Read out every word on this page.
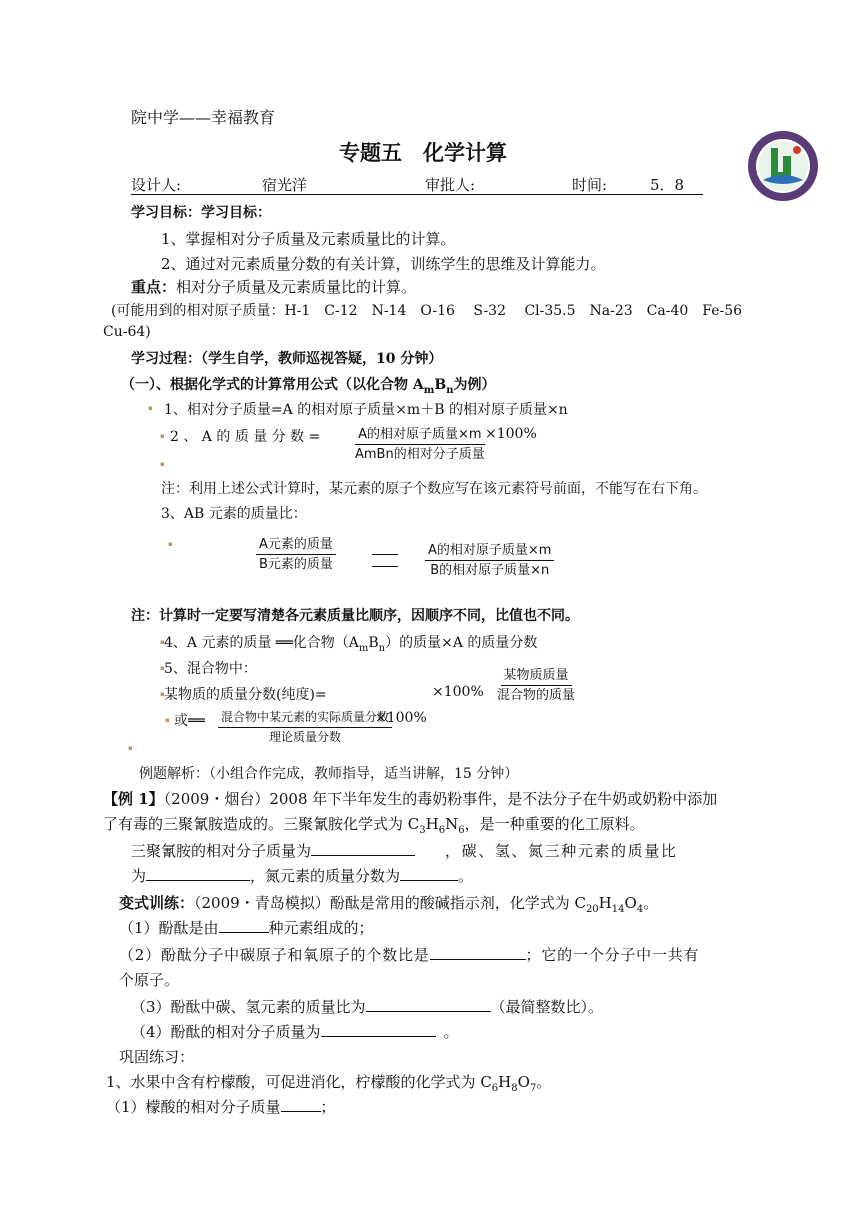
院中学——幸福教育
专题五　化学计算
设计人:	宿光洋	审批人:	时间:	5．8
学习目标：学习目标：
1、掌握相对分子质量及元素质量比的计算。
2、通过对元素质量分数的有关计算，训练学生的思维及计算能力。
重点：相对分子质量及元素质量比的计算。
(可能用到的相对原子质量：H-1　C-12　N-14　O-16　 S-32　 Cl-35.5　Na-23　Ca-40　Fe-56
Cu-64)
学习过程：（学生自学，教师巡视答疑，10 分钟）
（一）、根据化学式的计算常用公式（以化合物 $A_mB_n$为例）
▪ 1、相对分子质量=A 的相对原子质量×m＋B 的相对原子质量×n
▪ 2 、 A 的 质 量 分 数 =	A的相对原子质量×m
AmBn的相对分子质量
×100%
▪
注：利用上述公式计算时，某元素的原子个数应写在该元素符号前面，不能写在右下角。
3、AB 元素的质量比：
▪	A元素的质量
B元素的质量
A的相对原子质量×m
B的相对原子质量×n
注：计算时一定要写清楚各元素质量比顺序，因顺序不同，比值也不同。
▪ 4、A 元素的质量 ══化合物$(A_mB_n)$的质量×A 的质量分数
▪ 5、混合物中：	某物质质量
混合物的质量
▪ 某物质的质量分数(纯度)=	×100%
▪ 或══ 混合物中某元素的实际质量分数
理论质量分数
×100%
▪
例题解析：（小组合作完成，教师指导，适当讲解，15 分钟）
【例 1】（2009・烟台）2008 年下半年发生的毒奶粉事件，是不法分子在牛奶或奶粉中添加
了有毒的三聚氰胺造成的。三聚氰胺化学式为 $C_3H_6N_6$，是一种重要的化工原料。
三聚氰胺的相对分子质量为	，碳、氢、氮三种元素的质量比
为	，氮元素的质量分数为	。
变式训练：（2009・青岛模拟）酚酞是常用的酸碱指示剂，化学式为 $C_{20}H_{14}O_4$。
（1）酚酞是由	种元素组成的；
（2）酚酞分子中碳原子和氧原子的个数比是	；它的一个分子中一共有
个原子。
（3）酚酞中碳、氢元素的质量比为	（最简整数比）。
（4）酚酞的相对分子质量为	。
巩固练习：
1、水果中含有柠檬酸，可促进消化，柠檬酸的化学式为 $C_6H_8O_7$。
（1）檬酸的相对分子质量	；
